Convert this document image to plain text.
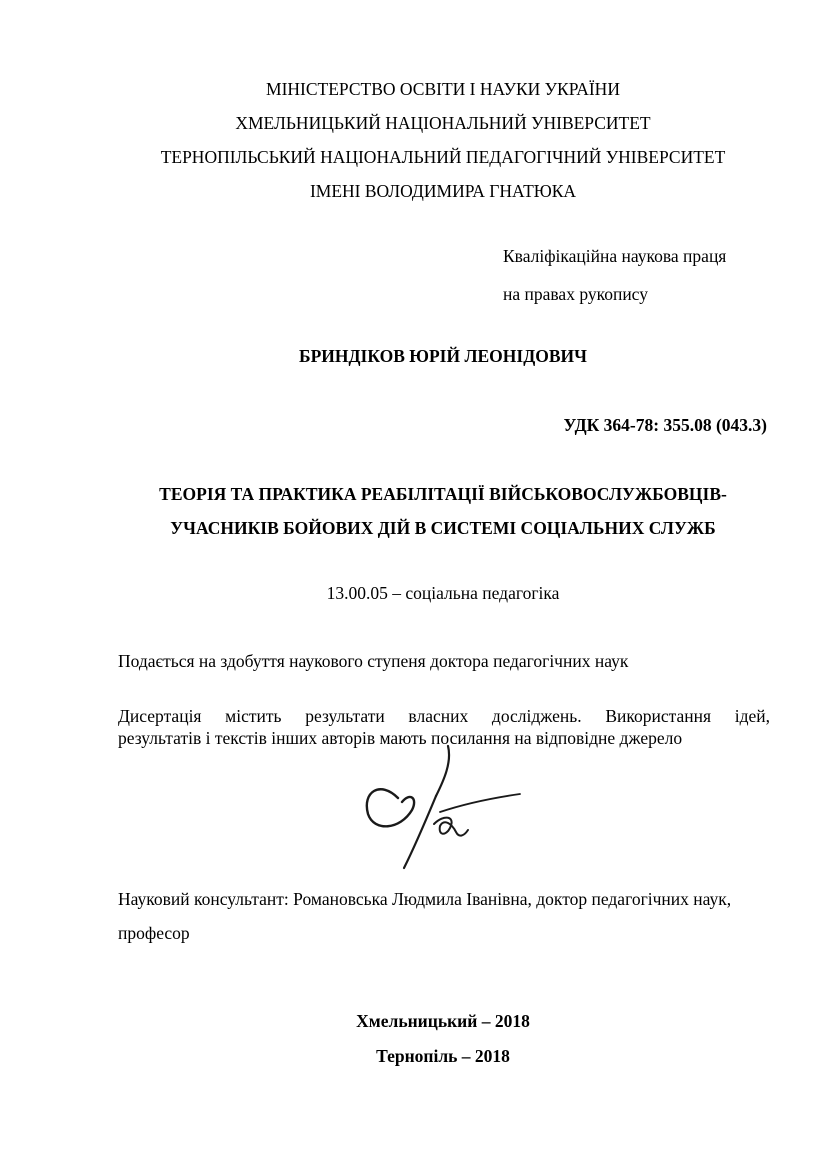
МІНІСТЕРСТВО ОСВІТИ І НАУКИ УКРАЇНИ
ХМЕЛЬНИЦЬКИЙ НАЦІОНАЛЬНИЙ УНІВЕРСИТЕТ
ТЕРНОПІЛЬСЬКИЙ НАЦІОНАЛЬНИЙ ПЕДАГОГІЧНИЙ УНІВЕРСИТЕТ
ІМЕНІ ВОЛОДИМИРА ГНАТЮКА
Кваліфікаційна наукова праця
на правах рукопису
БРИНДІКОВ ЮРІЙ ЛЕОНІДОВИЧ
УДК 364-78: 355.08 (043.3)
ТЕОРІЯ ТА ПРАКТИКА РЕАБІЛІТАЦІЇ ВІЙСЬКОВОСЛУЖБОВЦІВ-
УЧАСНИКІВ БОЙОВИХ ДІЙ В СИСТЕМІ СОЦІАЛЬНИХ СЛУЖБ
13.00.05 – соціальна педагогіка
Подається на здобуття наукового ступеня доктора педагогічних наук
Дисертація містить результати власних досліджень. Використання ідей,
результатів і текстів інших авторів мають посилання на відповідне джерело
Науковий консультант: Романовська Людмила Іванівна, доктор педагогічних наук, професор
Хмельницький – 2018
Тернопіль – 2018
